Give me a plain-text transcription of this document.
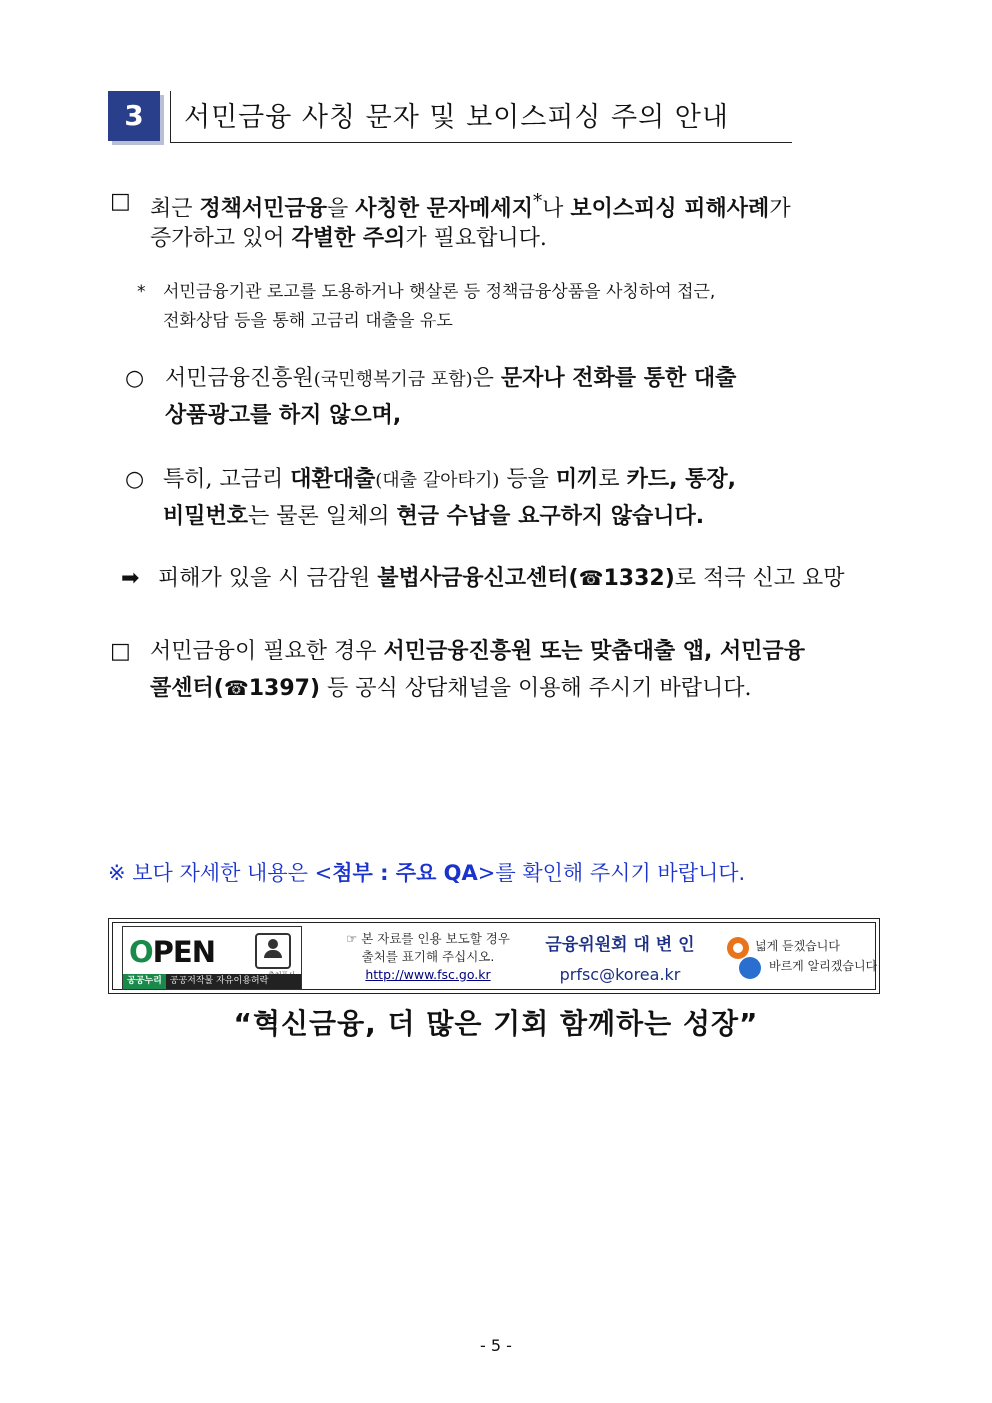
3	서민금융 사칭 문자 및 보이스피싱 주의 안내
□ 최근 정책서민금융을 사칭한 문자메세지*나 보이스피싱 피해사례가
증가하고 있어 각별한 주의가 필요합니다.
* 서민금융기관 로고를 도용하거나 햇살론 등 정책금융상품을 사칭하여 접근,
전화상담 등을 통해 고금리 대출을 유도
○ 서민금융진흥원(국민행복기금 포함)은 문자나 전화를 통한 대출
상품광고를 하지 않으며,
○ 특히, 고금리 대환대출(대출 갈아타기) 등을 미끼로 카드, 통장,
비밀번호는 물론 일체의 현금 수납을 요구하지 않습니다.
➡ 피해가 있을 시 금감원 불법사금융신고센터(☎1332)로 적극 신고 요망
□ 서민금융이 필요한 경우 서민금융진흥원 또는 맞춤대출 앱, 서민금융
콜센터(☎1397) 등 공식 상담채널을 이용해 주시기 바랍니다.
※ 보다 자세한 내용은 <첨부 : 주요 QA>를 확인해 주시기 바랍니다.
OPEN
공공누리 공공저작물 자유이용허락
☞ 본 자료를 인용 보도할 경우
출처를 표기해 주십시오.
http://www.fsc.go.kr
금융위원회 대 변 인
prfsc@korea.kr
넓게 듣겠습니다
바르게 알리겠습니다
“혁신금융, 더 많은 기회 함께하는 성장”
- 5 -
